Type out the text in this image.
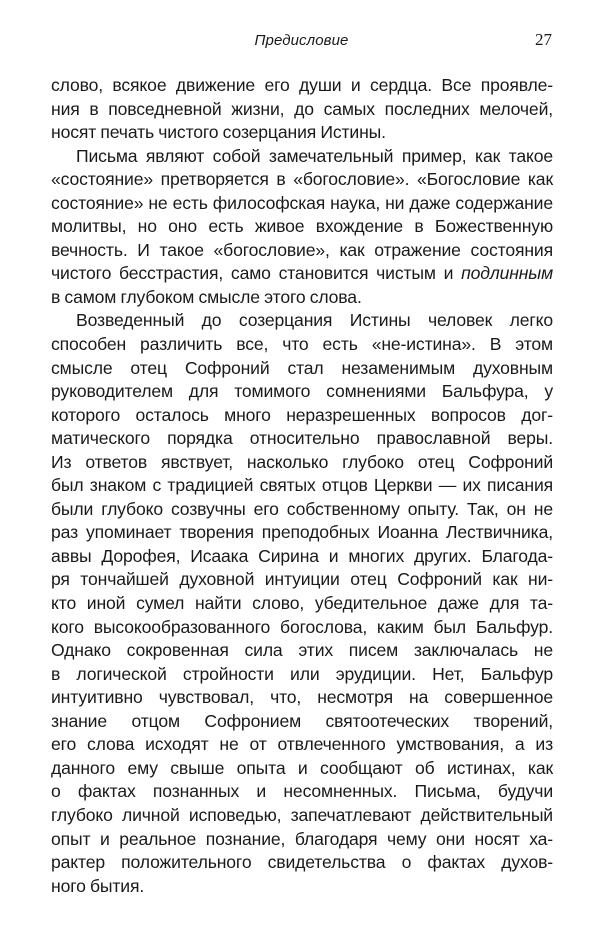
Предисловие	27
слово, всякое движение его души и сердца. Все проявле-
ния в повседневной жизни, до самых последних мелочей,
носят печать чистого созерцания Истины.
Письма являют собой замечательный пример, как такое
«состояние» претворяется в «богословие». «Богословие как
состояние» не есть философская наука, ни даже содержание
молитвы, но оно есть живое вхождение в Божественную
вечность. И такое «богословие», как отражение состояния
чистого бесстрастия, само становится чистым и подлинным
в самом глубоком смысле этого слова.
Возведенный до созерцания Истины человек легко
способен различить все, что есть «не-истина». В этом
смысле отец Софроний стал незаменимым духовным
руководителем для томимого сомнениями Бальфура, у
которого осталось много неразрешенных вопросов дог-
матического порядка относительно православной веры.
Из ответов явствует, насколько глубоко отец Софроний
был знаком с традицией святых отцов Церкви — их писания
были глубоко созвучны его собственному опыту. Так, он не
раз упоминает творения преподобных Иоанна Лествичника,
аввы Дорофея, Исаака Сирина и многих других. Благода-
ря тончайшей духовной интуиции отец Софроний как ни-
кто иной сумел найти слово, убедительное даже для та-
кого высокообразованного богослова, каким был Бальфур.
Однако сокровенная сила этих писем заключалась не
в логической стройности или эрудиции. Нет, Бальфур
интуитивно чувствовал, что, несмотря на совершенное
знание отцом Софронием святоотеческих творений,
его слова исходят не от отвлеченного умствования, а из
данного ему свыше опыта и сообщают об истинах, как
о фактах познанных и несомненных. Письма, будучи
глубоко личной исповедью, запечатлевают действительный
опыт и реальное познание, благодаря чему они носят ха-
рактер положительного свидетельства о фактах духов-
ного бытия.
